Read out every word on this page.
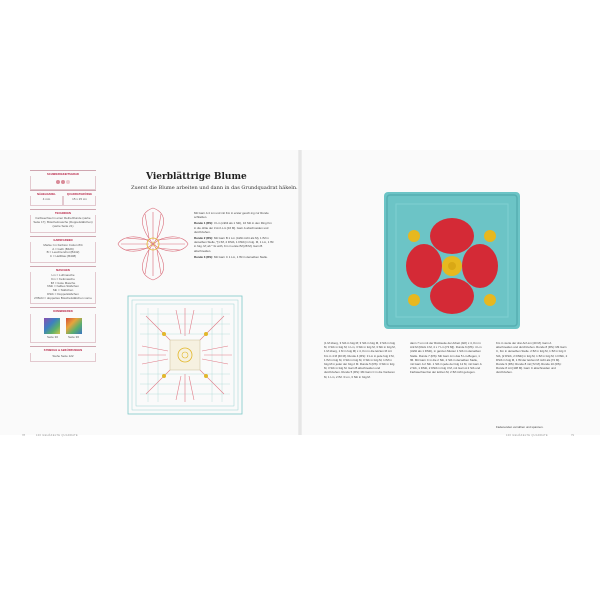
SCHWIERIGKEITSGRAD
NÄHELNADEL
4 mm
QUADRATGRÖSSE
15 x 15 cm
TECHNIKEN
Farbwechsel in einer Reihe/Runde (siehe Seite 17); Büschelmasche (Doppelstäbchen) (siehe Seite 21)
GARNFARBEN
Marke: Im Farbton Cotton 8/4
A = Gelb (B429)
B = Leuchtendrot (B442)
C = Hellblau (B408)
MASCHEN
Lm = Luftmasche
Km = Kettmasche
fM = feste Masche
hStb = halbes Stäbchen
Stb = Stäbchen
DStb = Doppelstäbchen
2f Bübl = doppeltes Büschelstäbchen vorne
KOMBINIEREN
Seite 30	Seite 36
SYMBOLE & ABKÜRZUNGEN
Siehe Seite 122
Vierblättrige Blume
Zuerst die Blume arbeiten und dann in das Grundquadrat häkeln.

Mit Garn A 4 Lm und mit Km in erster gesch.ing zur Runde schließen.

Runde 1 (RS): 3 Lm (zählt als 1 Stb), 16 Stb in den Ring Km in die dritte der 3 Anf.-Lm [16 M]. Garn A abschneiden und durchziehen.

Runde 2 (RS): Mit Garn B 1 Lm (zählt nicht als M), 1 fM in derselben Stelle, *[1 fM, 2 DStb, 1 DStb] in folg. M, 1 Lm, 1 fM in folg. M; ab * 3x wdh, Km in erste fM [28 M]. Garn B abschneiden.

Runde 3 (RS): Mit Garn C 1 Lm, 1 fM in derselben Stelle.

(1 M überg, 3 Stb in folg M; 3 Stb in folg M, 3 Stb in folg M, 3 Stb in folg M; 1 Lm, 3 Stb in folg M, 3 Stb in folg M, 1 M überg, 1 M in folg M) x 4, Km in die letzten M mit Km in 4 M [40 M]. Runde 4 (RS): 3 Lm in jede folg 3 M, 1 fM in folg M, 3 Stb in folg M, 3 Stb in folg M, 1 fM in folg M in jeder der folg 2 M. Runde 5 (RS): 3 Stb in folg M, 3 Stb in folg M. Garn B abschneiden und durchziehen. Runde 5 (RS): Mit Garn C in die Vorderen M, 1 Lm, 2 fM. 3 Lm, 3 Stb in folg M.
dann 7 Lm mit der Rückseite der Arbeit (Abf) x 4, Km in Anf-M (Rück 4 M, 4 x 7 Lm [72 M]). Runde 6 (RS): 4 Lm (zählt als 1 DStb), in ganzen Muster 1 Stb im derselben Stelle. Runde 7 (RS): Mit Garn A in das 5 Lm-Bogen, 1 fM. Mit Garn C in die 2 Stb, 2 Stb in derselben Stelle, mit Garn A 2 Stb. 1 Stb in jede der folg 12 M, mit Garn A 2 Stb, 1 DStb, 2 DStb in folg 3 M, mit Garn A 2 Stb und Farbwechsel bei der letzten M, 2 fM nicht gezogen.
Km in vierte der drei Anf-Lm [40 M]. Garn A abschneiden und durchziehen. Runde 8 (RS): Mit Garn C, Km in derselben Stelle. 2 fM in folg M, 1 fM in folg 3 Stb, [2 DStb, 2 DStb] in folg M, 1 fM in folg M; 1 DStb, 2 DStb in folg M, 1 fM der letzten M nicht als [72 M]. Runde 9 (RS): Runde 8 mit [72 M]. Runde 10 (RS): Runde 8 mit [108 M]. Garn C abschneiden und durchziehen.
Fadenenden vernähen und spannen.
78	100 GEHÄKELTE QUADRATE	100 GEHÄKELTE QUADRATE	79
